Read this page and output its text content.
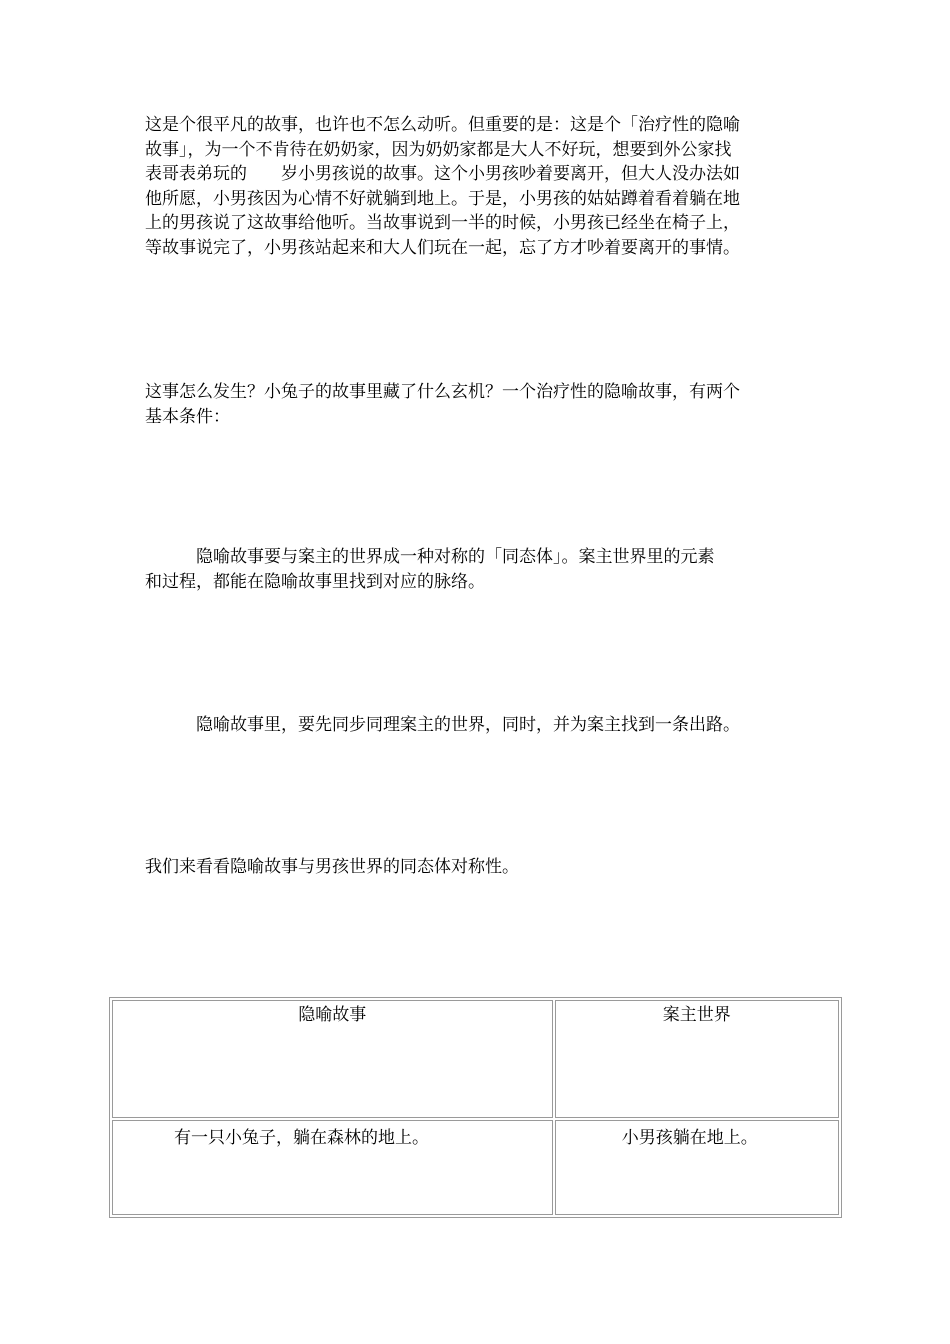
这是个很平凡的故事，也许也不怎么动听。但重要的是：这是个「治疗性的隐喻
故事」，为一个不肯待在奶奶家，因为奶奶家都是大人不好玩，想要到外公家找
表哥表弟玩的　　岁小男孩说的故事。这个小男孩吵着要离开，但大人没办法如
他所愿，小男孩因为心情不好就躺到地上。于是，小男孩的姑姑蹲着看着躺在地
上的男孩说了这故事给他听。当故事说到一半的时候，小男孩已经坐在椅子上，
等故事说完了，小男孩站起来和大人们玩在一起，忘了方才吵着要离开的事情。
这事怎么发生？小兔子的故事里藏了什么玄机？一个治疗性的隐喻故事，有两个
基本条件：
　　　隐喻故事要与案主的世界成一种对称的「同态体」。案主世界里的元素
和过程，都能在隐喻故事里找到对应的脉络。
　　　隐喻故事里，要先同步同理案主的世界，同时，并为案主找到一条出路。
我们来看看隐喻故事与男孩世界的同态体对称性。
隐喻故事	案主世界

有一只小兔子，躺在森林的地上。	小男孩躺在地上。
